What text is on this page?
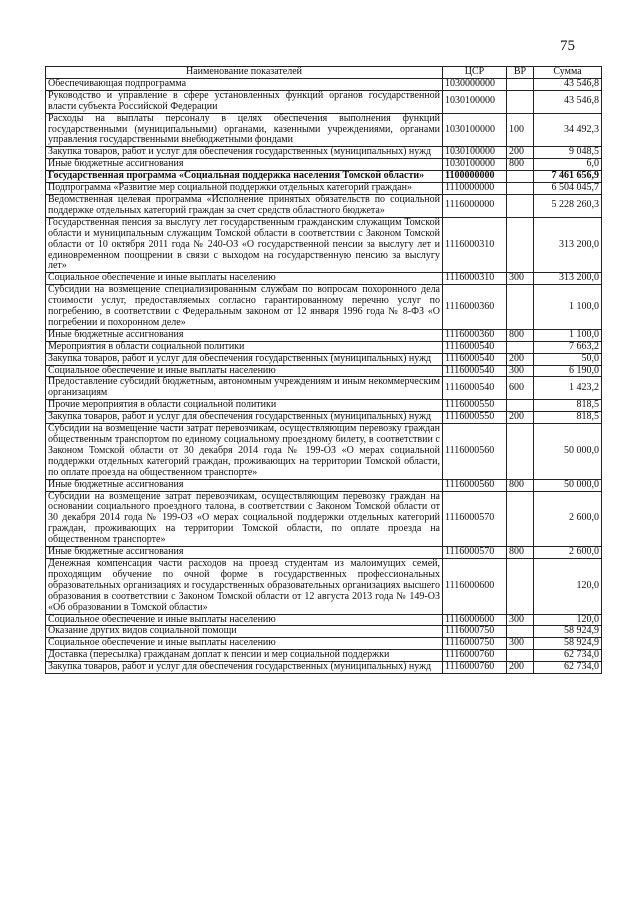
75
Наименование показателей	ЦСР	ВР	Сумма
Обеспечивающая подпрограмма	1030000000		43 546,8
Руководство и управление в сфере установленных функций органов государственной власти субъекта Российской Федерации	1030100000		43 546,8
Расходы на выплаты персоналу в целях обеспечения выполнения функций государственными (муниципальными) органами, казенными учреждениями, органами управления государственными внебюджетными фондами	1030100000	100	34 492,3
Закупка товаров, работ и услуг для обеспечения государственных (муниципальных) нужд	1030100000	200	9 048,5
Иные бюджетные ассигнования	1030100000	800	6,0
Государственная программа «Социальная поддержка населения Томской области»	1100000000		7 461 656,9
Подпрограмма «Развитие мер социальной поддержки отдельных категорий граждан»	1110000000		6 504 045,7
Ведомственная целевая программа «Исполнение принятых обязательств по социальной поддержке отдельных категорий граждан за счет средств областного бюджета»	1116000000		5 228 260,3
Государственная пенсия за выслугу лет государственным гражданским служащим Томской области и муниципальным служащим Томской области в соответствии с Законом Томской области от 10 октября 2011 года № 240-ОЗ «О государственной пенсии за выслугу лет и единовременном поощрении в связи с выходом на государственную пенсию за выслугу лет»	1116000310		313 200,0
Социальное обеспечение и иные выплаты населению	1116000310	300	313 200,0
Субсидии на возмещение специализированным службам по вопросам похоронного дела стоимости услуг, предоставляемых согласно гарантированному перечню услуг по погребению, в соответствии с Федеральным законом от 12 января 1996 года № 8-ФЗ «О погребении и похоронном деле»	1116000360		1 100,0
Иные бюджетные ассигнования	1116000360	800	1 100,0
Мероприятия в области социальной политики	1116000540		7 663,2
Закупка товаров, работ и услуг для обеспечения государственных (муниципальных) нужд	1116000540	200	50,0
Социальное обеспечение и иные выплаты населению	1116000540	300	6 190,0
Предоставление субсидий бюджетным, автономным учреждениям и иным некоммерческим организациям	1116000540	600	1 423,2
Прочие мероприятия в области социальной политики	1116000550		818,5
Закупка товаров, работ и услуг для обеспечения государственных (муниципальных) нужд	1116000550	200	818,5
Субсидии на возмещение части затрат перевозчикам, осуществляющим перевозку граждан общественным транспортом по единому социальному проездному билету, в соответствии с Законом Томской области от 30 декабря 2014 года № 199-ОЗ «О мерах социальной поддержки отдельных категорий граждан, проживающих на территории Томской области, по оплате проезда на общественном транспорте»	1116000560		50 000,0
Иные бюджетные ассигнования	1116000560	800	50 000,0
Субсидии на возмещение затрат перевозчикам, осуществляющим перевозку граждан на основании социального проездного талона, в соответствии с Законом Томской области от 30 декабря 2014 года № 199-ОЗ «О мерах социальной поддержки отдельных категорий граждан, проживающих на территории Томской области, по оплате проезда на общественном транспорте»	1116000570		2 600,0
Иные бюджетные ассигнования	1116000570	800	2 600,0
Денежная компенсация части расходов на проезд студентам из малоимущих семей, проходящим обучение по очной форме в государственных профессиональных образовательных организациях и государственных образовательных организациях высшего образования в соответствии с Законом Томской области от 12 августа 2013 года № 149-ОЗ «Об образовании в Томской области»	1116000600		120,0
Социальное обеспечение и иные выплаты населению	1116000600	300	120,0
Оказание других видов социальной помощи	1116000750		58 924,9
Социальное обеспечение и иные выплаты населению	1116000750	300	58 924,9
Доставка (пересылка) гражданам доплат к пенсии и мер социальной поддержки	1116000760		62 734,0
Закупка товаров, работ и услуг для обеспечения государственных (муниципальных) нужд	1116000760	200	62 734,0
